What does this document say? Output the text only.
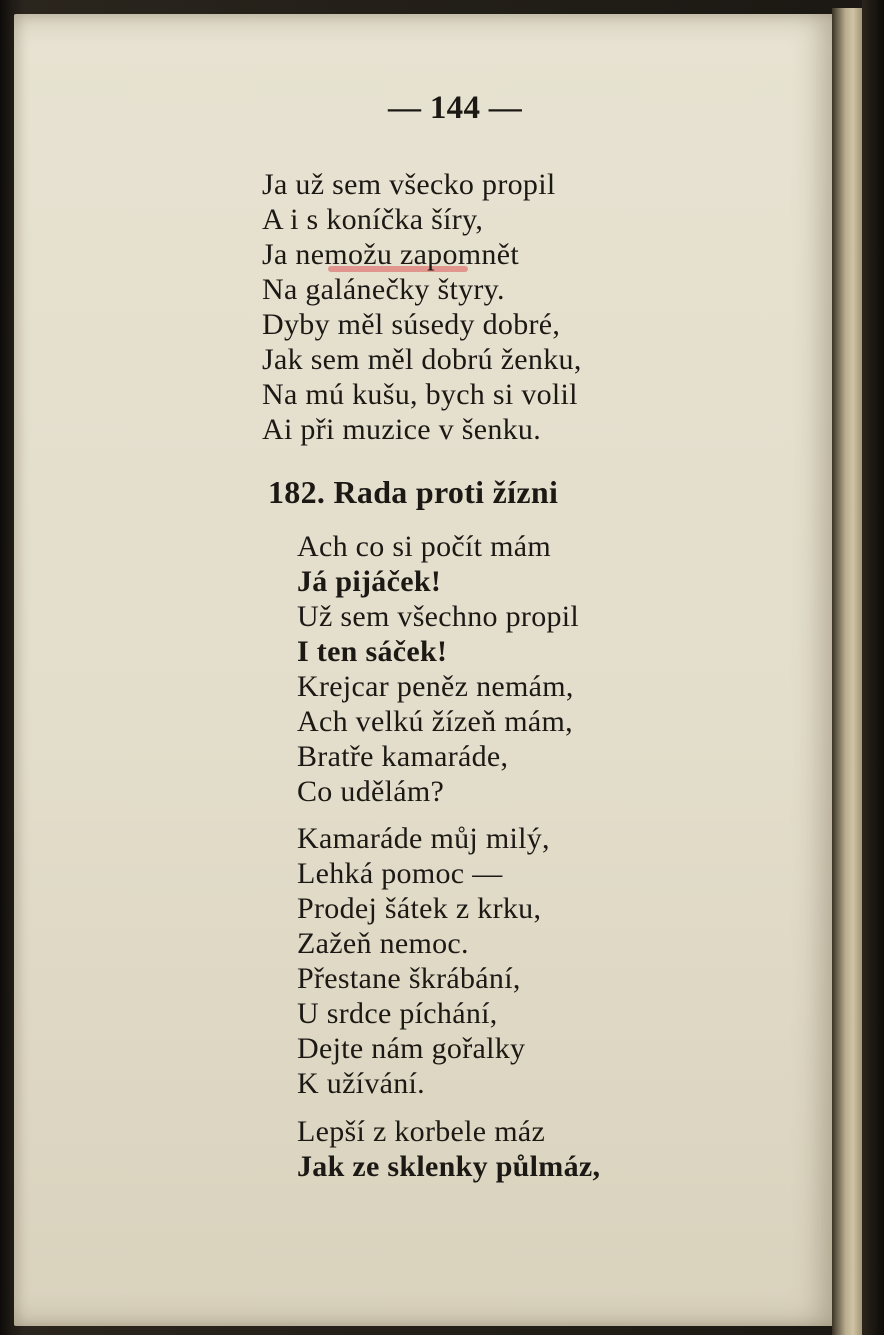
— 144 —
Ja už sem všecko propil
A i s koníčka šíry,
Ja nemožu zapomnět
Na galánečky štyry.
Dyby měl súsedy dobré,
Jak sem měl dobrú ženku,
Na mú kušu, bych si volil
Ai při muzice v šenku.
182. Rada proti žízni
Ach co si počít mám
Já pijáček!
Už sem všechno propil
I ten sáček!
Krejcar peněz nemám,
Ach velkú žízeň mám,
Bratře kamaráde,
Co udělám?
Kamaráde můj milý,
Lehká pomoc —
Prodej šátek z krku,
Zažeň nemoc.
Přestane škrábání,
U srdce píchání,
Dejte nám gořalky
K užívání.
Lepší z korbele máz
Jak ze sklenky půlmáz,
